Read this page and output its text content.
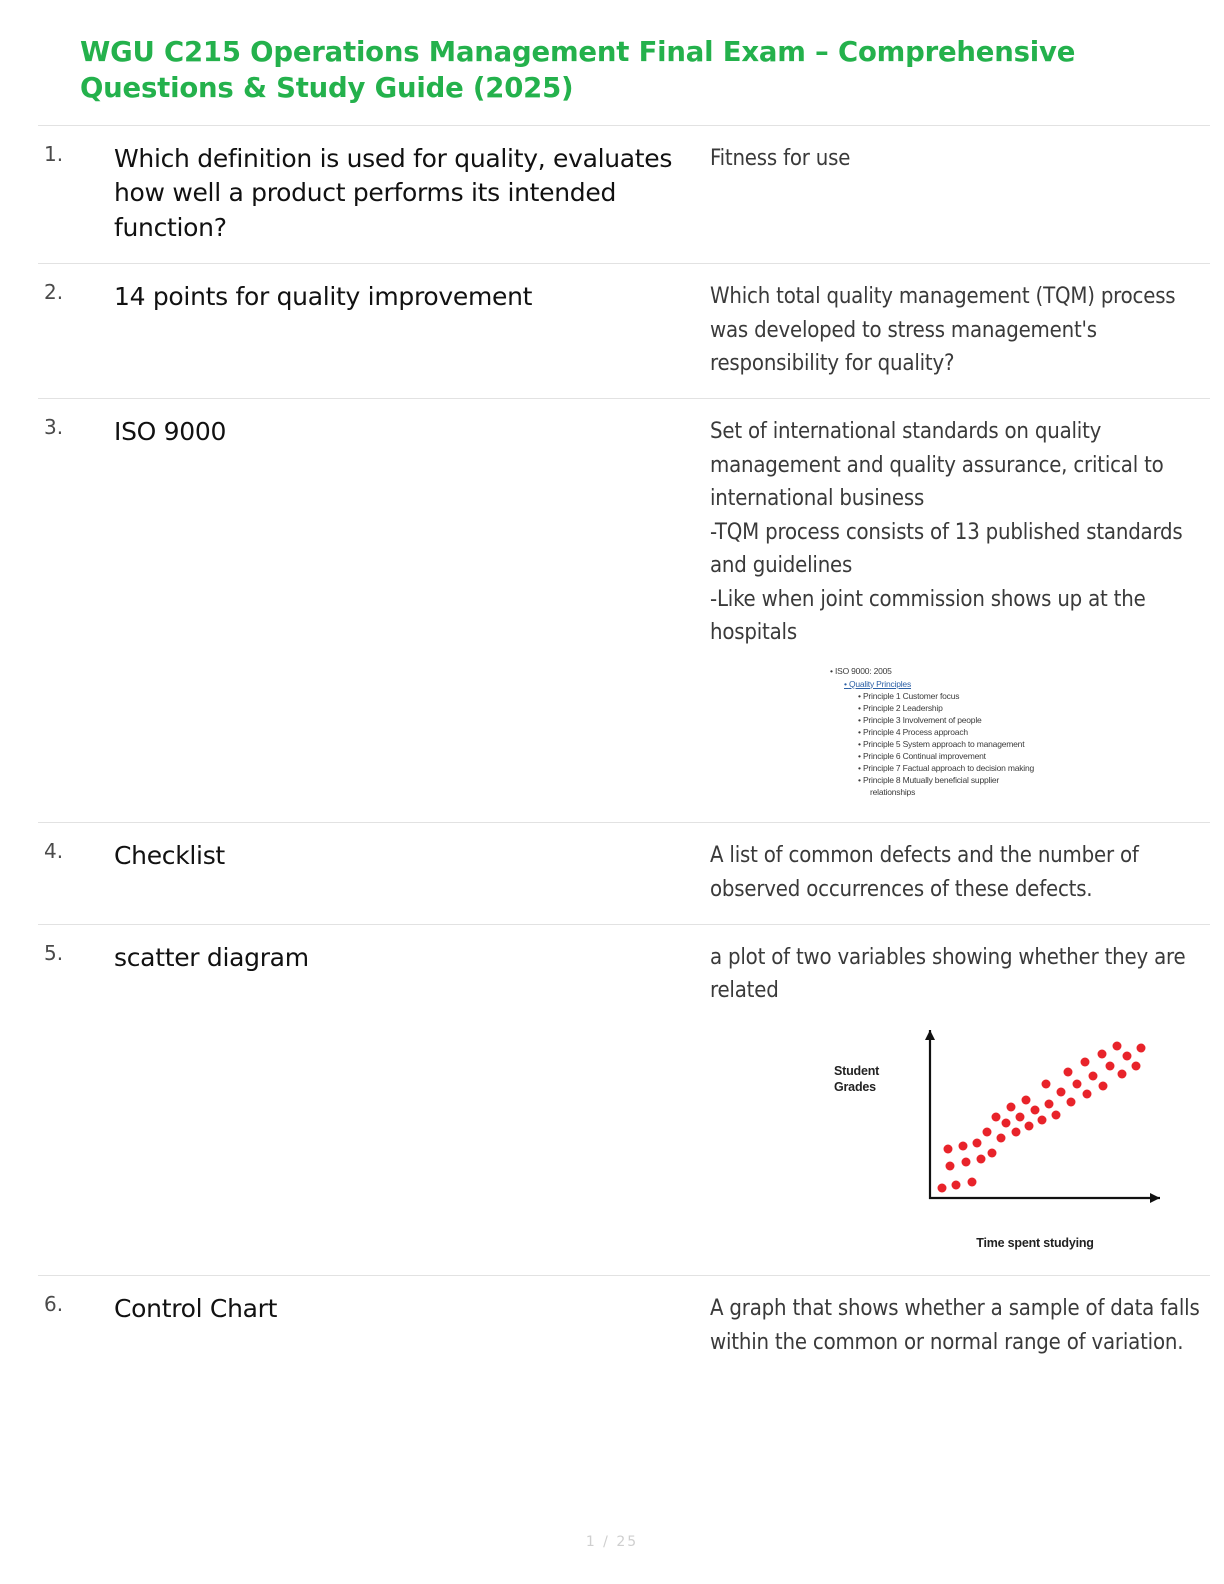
WGU C215 Operations Management Final Exam – Comprehensive Questions & Study Guide (2025)
1.	Which definition is used for quality, evaluates how well a product performs its intended function?	Fitness for use
2.	14 points for quality improvement	Which total quality management (TQM) process was developed to stress management's responsibility for quality?
3.	ISO 9000	Set of international standards on quality management and quality assurance, critical to international business
-TQM process consists of 13 published standards and guidelines
-Like when joint commission shows up at the hospitals

• ISO 9000: 2005
• Quality Principles
• Principle 1 Customer focus
• Principle 2 Leadership
• Principle 3 Involvement of people
• Principle 4 Process approach
• Principle 5 System approach to management
• Principle 6 Continual improvement
• Principle 7 Factual approach to decision making
• Principle 8 Mutually beneficial supplier
relationships

4.	Checklist	A list of common defects and the number of observed occurrences of these defects.
5.	scatter diagram	a plot of two variables showing whether they are related

Student
Grades
Time spent studying

6.	Control Chart	A graph that shows whether a sample of data falls within the common or normal range of variation.
1 / 25
